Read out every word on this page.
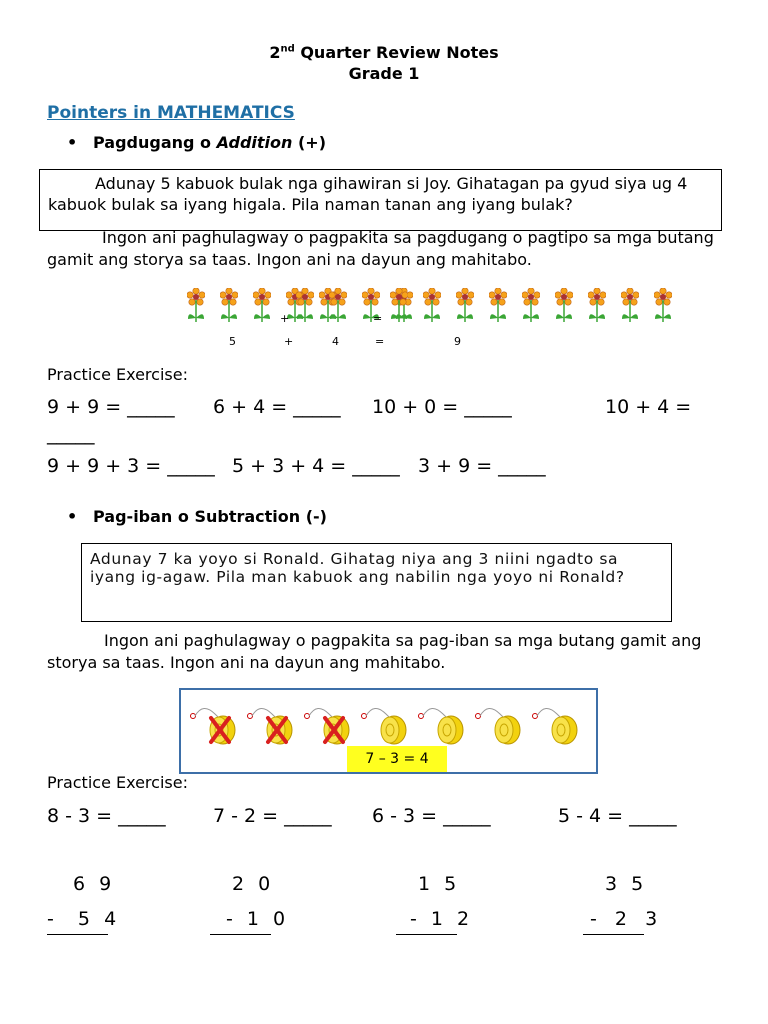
2nd Quarter Review Notes
Grade 1
Pointers in MATHEMATICS
• Pagdugang o Addition (+)
Adunay 5 kabuok bulak nga gihawiran si Joy. Gihatagan pa gyud siya ug 4 kabuok bulak sa iyang higala. Pila naman tanan ang iyang bulak?
Ingon ani paghulagway o pagpakita sa pagdugang o pagtipo sa mga butang gamit ang storya sa taas. Ingon ani na dayun ang mahitabo.
+	=
5	+	4	=	9
Practice Exercise:
9 + 9 = _____ 6 + 4 = _____ 10 + 0 = _____	10 + 4 =
_____
9 + 9 + 3 = _____ 5 + 3 + 4 = _____ 3 + 9 = _____
• Pag-iban o Subtraction (-)
Adunay 7 ka yoyo si Ronald. Gihatag niya ang 3 niini ngadto sa iyang ig-agaw. Pila man kabuok ang nabilin nga yoyo ni Ronald?
Ingon ani paghulagway o pagpakita sa pag-iban sa mga butang gamit ang storya sa taas. Ingon ani na dayun ang mahitabo.
7 – 3 = 4
Practice Exercise:
8 - 3 = _____ 7 - 2 = _____ 6 - 3 = _____	5 - 4 = _____
6 9
-  5 4
2 0
- 1 0
1 5
- 1 2
3 5
-  2  3
